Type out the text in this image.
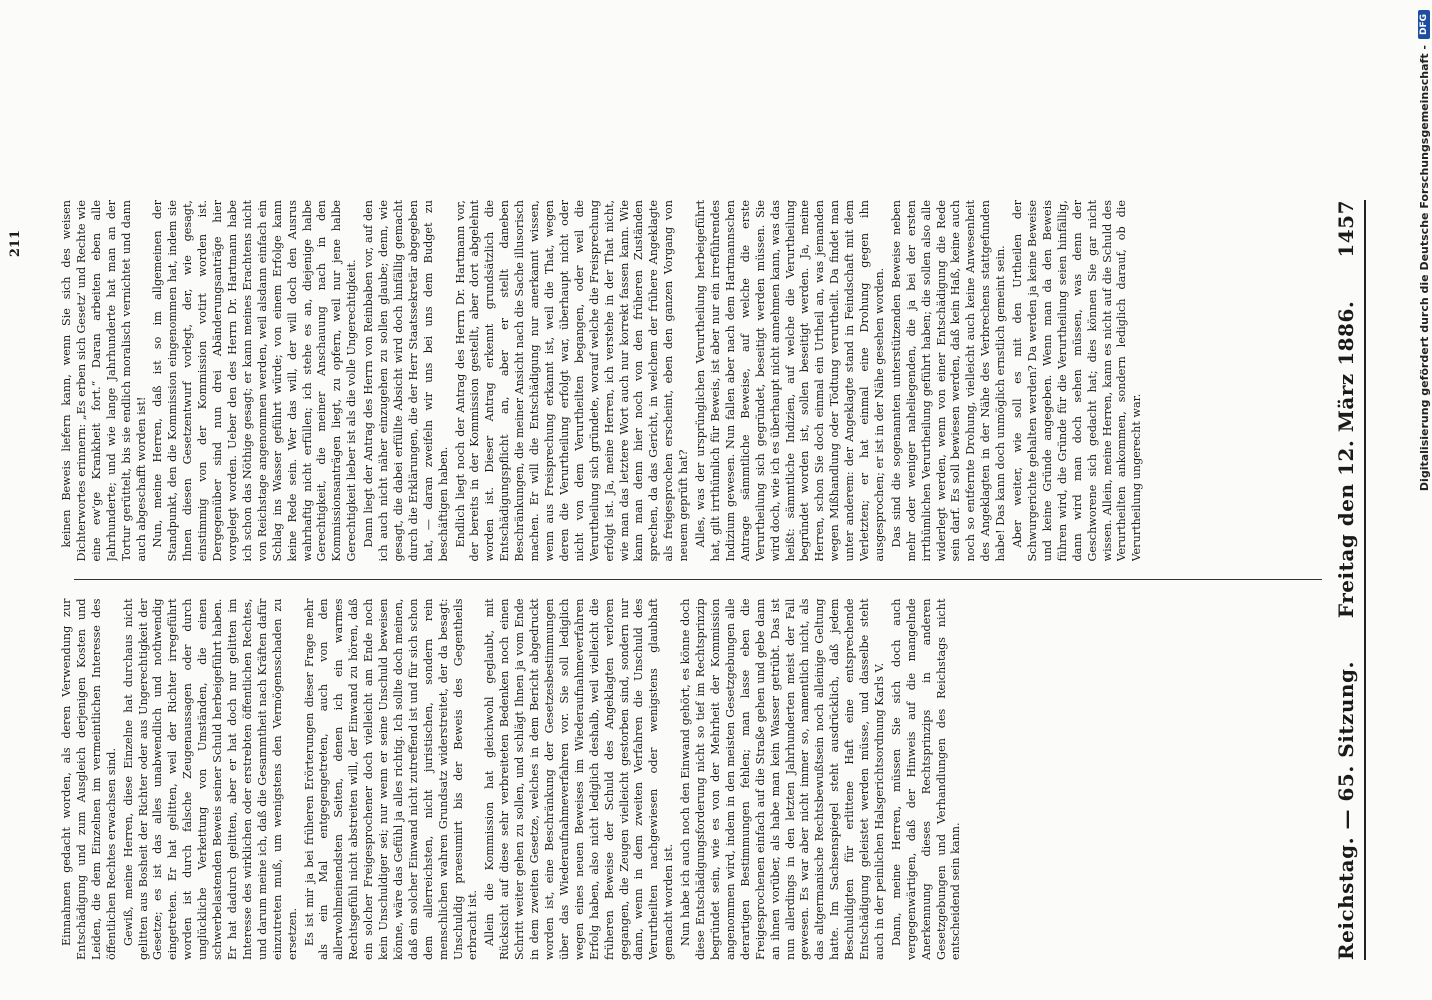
Reichstag. — 65. Sitzung.
Freitag den 12. März 1886.
1457

Einnahmen gedacht worden, als deren Verwendung zur Entschädigung und zum Ausgleich derjenigen Kosten und Leiden, die dem Einzelnen im vermeintlichen Interesse des öffentlichen Rechtes erwachsen sind. Gewiß, meine Herren, diese Einzelne hat durchaus nicht gelitten aus Bosheit der Richter oder aus Ungerechtigkeit der Gesetze; es ist das alles unabwendlich und nothwendig eingetreten. Er hat gelitten, weil der Richter irregeführt worden ist durch falsche Zeugenaussagen oder durch unglückliche Verkettung von Umständen, die einen schwerbelastenden Beweis seiner Schuld herbeigeführt haben. Er hat dadurch gelitten, aber er hat doch nur gelitten im Interesse des wirklichen oder erstrebten öffentlichen Rechtes, und darum meine ich, daß die Gesammtheit nach Kräften dafür einzutreten muß, um wenigstens den Vermögensschaden zu ersetzen. Es ist mir ja bei früheren Erörterungen dieser Frage mehr als ein Mal entgegengetreten, auch von den allerwohlmeinendsten Seiten, denen ich ein warmes Rechtsgefühl nicht abstreiten will, der Einwand zu hören, daß ein solcher Freigesprochener doch vielleicht am Ende noch kein Unschuldiger sei; nur wenn er seine Unschuld beweisen könne, wäre das Gefühl ja alles richtig. Ich sollte doch meinen, daß ein solcher Einwand nicht zutreffend ist und für sich schon dem allerreichsten, nicht juristischen, sondern rein menschlichen wahren Grundsatz widerstreitet, der da besagt: Unschuldig praesumirt bis der Beweis des Gegentheils erbracht ist. Allein die Kommission hat gleichwohl geglaubt, mit Rücksicht auf diese sehr verbreiteten Bedenken noch einen Schritt weiter gehen zu sollen, und schlägt Ihnen ja vom Ende in dem zweiten Gesetze, welches in dem Bericht abgedruckt worden ist, eine Beschränkung der Gesetzesbestimmungen über das Wiederaufnahmeverfahren vor. Sie soll lediglich wegen eines neuen Beweises im Wiederaufnahmeverfahren Erfolg haben, also nicht lediglich deshalb, weil vielleicht die früheren Beweise der Schuld des Angeklagten verloren gegangen, die Zeugen vielleicht gestorben sind, sondern nur dann, wenn in dem zweiten Verfahren die Unschuld des Verurtheilten nachgewiesen oder wenigstens glaubhaft gemacht worden ist. Nun habe ich auch noch den Einwand gehört, es könne doch diese Entschädigungsforderung nicht so tief im Rechtsprinzip begründet sein, wie es von der Mehrheit der Kommission angenommen wird, indem in den meisten Gesetzgebungen alle derartigen Bestimmungen fehlen; man lasse eben die Freigesprochenen einfach auf die Straße gehen und gebe dann an ihnen vorüber, als habe man kein Wasser getrübt. Das ist nun allerdings in den letzten Jahrhunderten meist der Fall gewesen. Es war aber nicht immer so, namentlich nicht, als das altgermanische Rechtsbewußtsein noch alleinige Geltung hatte. Im Sachsenspiegel steht ausdrücklich, daß jedem Beschuldigten für erlittene Haft eine entsprechende Entschädigung geleistet werden müsse, und dasselbe steht auch in der peinlichen Halsgerichtsordnung Karls V. Dann, meine Herren, müssen Sie sich doch auch vergegenwärtigen, daß der Hinweis auf die mangelnde Anerkennung dieses Rechtsprinzips in anderen Gesetzgebungen und Verhandlungen des Reichstags nicht entscheidend sein kann.

keinen Beweis liefern kann, wenn Sie sich des weisen Dichterwortes erinnern: „Es erben sich Gesetz' und Rechte wie eine ew'ge Krankheit fort.“ Daran arbeiten eben alle Jahrhunderte; und wie lange Jahrhunderte hat man an der Tortur gerüttelt, bis sie endlich moralisch vernichtet und dann auch abgeschafft worden ist! Nun, meine Herren, daß ist so im allgemeinen der Standpunkt, den die Kommission eingenommen hat, indem sie Ihnen diesen Gesetzentwurf vorlegt, der, wie gesagt, einstimmig von der Kommission votirt worden ist. Dergegenüber sind nun drei Abänderungsanträge hier vorgelegt worden. Ueber den des Herrn Dr. Hartmann habe ich schon das Nöthige gesagt; er kann meines Erachtens nicht von Reichstage angenommen werden, weil alsdann einfach ein Schlag ins Wasser geführt würde; von einem Erfolge kann keine Rede sein. Wer das will, der will doch den Ausrus wahrhaftig nicht erfüllen; ich stehe es an, diejenige halbe Gerechtigkeit, die meiner Anschauung nach in den Kommissionsanträgen liegt, zu opfern, weil nur jene halbe Gerechtigkeit lieber ist als die volle Ungerechtigkeit. Dann liegt der Antrag des Herrn von Reinbaben vor, auf den ich auch nicht näher einzugehen zu sollen glaube; denn, wie gesagt, die dabei erfüllte Absicht wird doch hinfällig gemacht durch die Erklärungen, die der Herr Staatssekretär abgegeben hat, — daran zweifeln wir uns bei uns dem Budget zu beschäftigen haben. Endlich liegt noch der Antrag des Herrn Dr. Hartmann vor, der bereits in der Kommission gestellt, aber dort abgelehnt worden ist. Dieser Antrag erkennt grundsätzlich die Entschädigungspflicht an, aber er stellt daneben Beschränkungen, die meiner Ansicht nach die Sache illusorisch machen. Er will die Entschädigung nur anerkannt wissen, wenn aus Freisprechung erkannt ist, weil die That, wegen deren die Verurtheilung erfolgt war, überhaupt nicht oder nicht von dem Verurtheilten begangen, oder weil die Verurtheilung sich gründete, worauf welche die Freisprechung erfolgt ist. Ja, meine Herren, ich verstehe in der That nicht, wie man das letztere Wort auch nur korrekt fassen kann. Wie kann man denn hier noch von den früheren Zuständen sprechen, da das Gericht, in welchem der frühere Angeklagte als freigesprochen erscheint, eben den ganzen Vorgang von neuem geprüft hat? Alles, was der ursprünglichen Verurtheilung herbeigeführt hat, gilt irrthümlich für Beweis, ist aber nur ein irreführendes Indizium gewesen. Nun fallen aber nach dem Hartmannschen Antrage sämmtliche Beweise, auf welche die erste Verurtheilung sich gegründet, beseitigt werden müssen. Sie wird doch, wie ich es überhaupt nicht annehmen kann, was das heißt: sämmtliche Indizien, auf welche die Verurtheilung begründet worden ist, sollen beseitigt werden. Ja, meine Herren, schon Sie doch einmal ein Urtheil an, was jemanden wegen Mißhandlung oder Tödtung verurtheilt. Da findet man unter anderem: der Angeklagte stand in Feindschaft mit dem Verletzten; er hat einmal eine Drohung gegen ihn ausgesprochen; er ist in der Nähe gesehen worden. Das sind die sogenannten unterstützenden Beweise neben mehr oder weniger naheliegenden, die ja bei der ersten irrthümlichen Verurtheilung geführt haben; die sollen also alle widerlegt werden, wenn von einer Entschädigung die Rede sein darf. Es soll bewiesen werden, daß kein Haß, keine auch noch so entfernte Drohung, vielleicht auch keine Anwesenheit des Angeklagten in der Nähe des Verbrechens stattgefunden habe! Das kann doch unmöglich ernstlich gemeint sein. Aber weiter, wie soll es mit den Urtheilen der Schwurgerichte gehalten werden? Da werden ja keine Beweise und keine Gründe angegeben. Wenn man da den Beweis führen wird, die Gründe für die Verurtheilung seien hinfällig, dann wird man doch sehen müssen, was denn der Geschworene sich gedacht hat; dies können Sie gar nicht wissen. Allein, meine Herren, kann es nicht auf die Schuld des Verurtheilten ankommen, sondern lediglich darauf, ob die Verurtheilung ungerecht war.

211	Digitalisierung gefördert durch die Deutsche Forschungsgemeinschaft -
DFG
